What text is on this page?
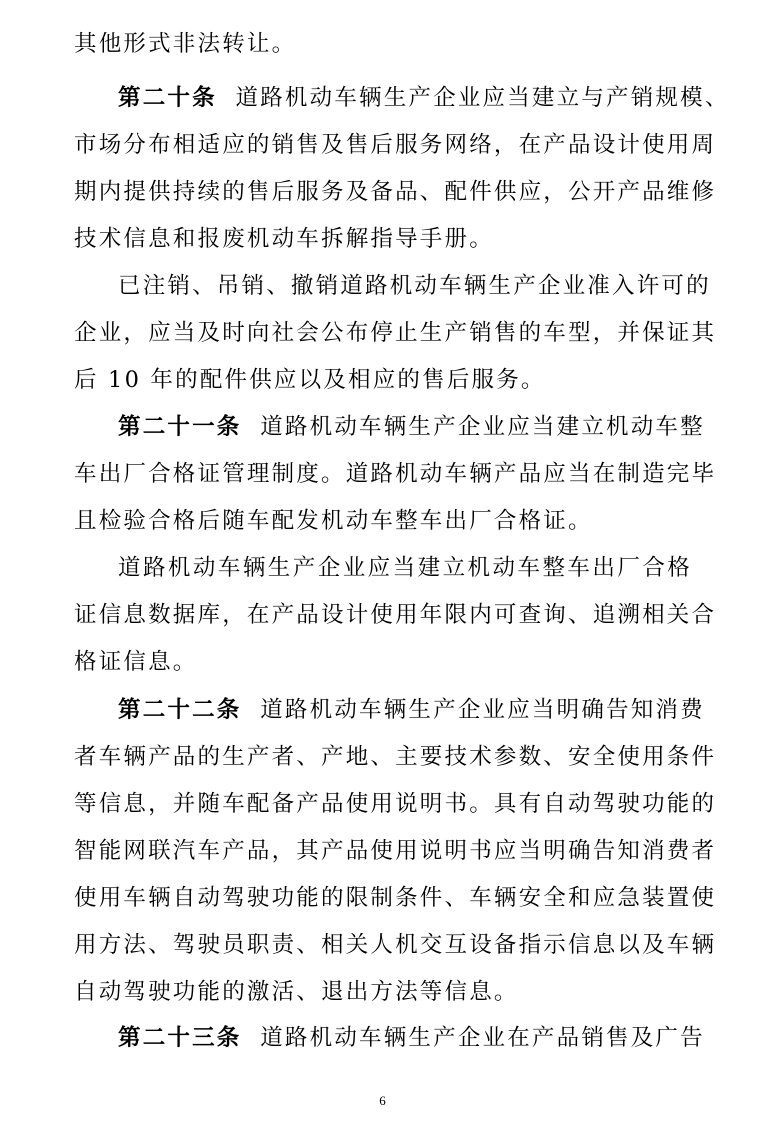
其他形式非法转让。
第二十条 道路机动车辆生产企业应当建立与产销规模、
市场分布相适应的销售及售后服务网络，在产品设计使用周
期内提供持续的售后服务及备品、配件供应，公开产品维修
技术信息和报废机动车拆解指导手册。
已注销、吊销、撤销道路机动车辆生产企业准入许可的
企业，应当及时向社会公布停止生产销售的车型，并保证其
后 10 年的配件供应以及相应的售后服务。
第二十一条 道路机动车辆生产企业应当建立机动车整
车出厂合格证管理制度。道路机动车辆产品应当在制造完毕
且检验合格后随车配发机动车整车出厂合格证。
道路机动车辆生产企业应当建立机动车整车出厂合格
证信息数据库，在产品设计使用年限内可查询、追溯相关合
格证信息。
第二十二条 道路机动车辆生产企业应当明确告知消费
者车辆产品的生产者、产地、主要技术参数、安全使用条件
等信息，并随车配备产品使用说明书。具有自动驾驶功能的
智能网联汽车产品，其产品使用说明书应当明确告知消费者
使用车辆自动驾驶功能的限制条件、车辆安全和应急装置使
用方法、驾驶员职责、相关人机交互设备指示信息以及车辆
自动驾驶功能的激活、退出方法等信息。
第二十三条 道路机动车辆生产企业在产品销售及广告
6
